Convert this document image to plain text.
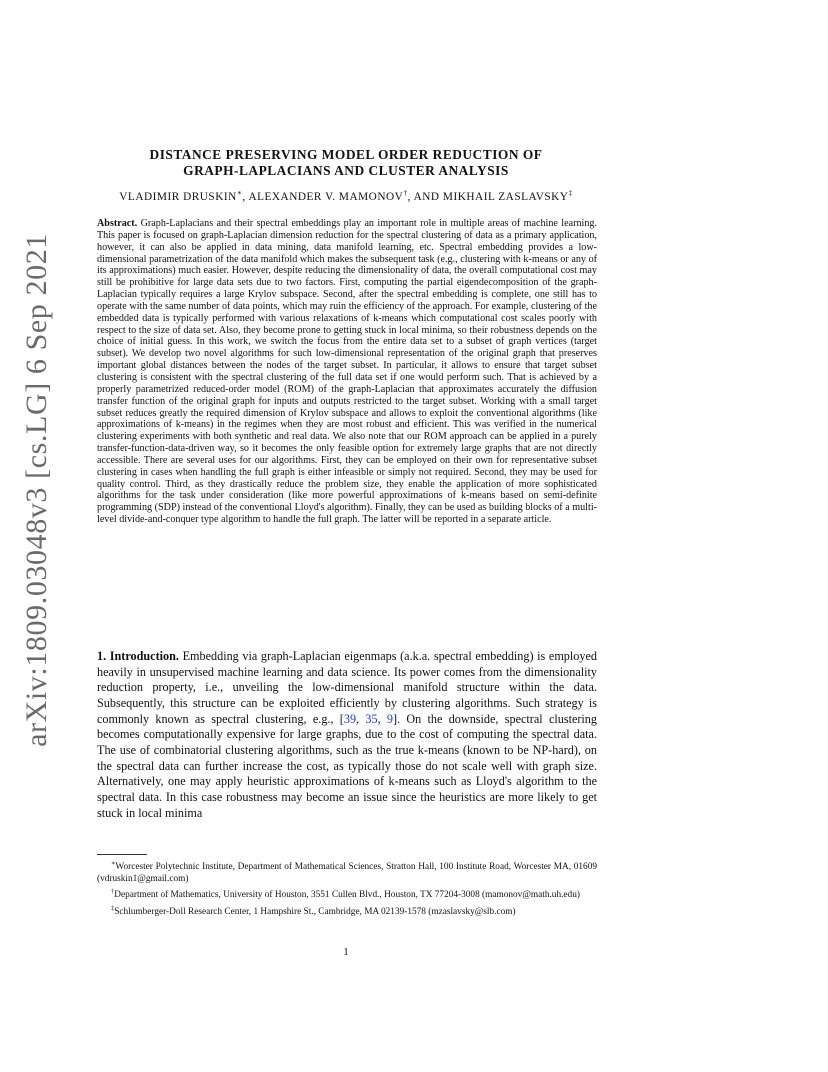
arXiv:1809.03048v3 [cs.LG] 6 Sep 2021
DISTANCE PRESERVING MODEL ORDER REDUCTION OF
GRAPH-LAPLACIANS AND CLUSTER ANALYSIS
VLADIMIR DRUSKIN∗, ALEXANDER V. MAMONOV†, AND MIKHAIL ZASLAVSKY‡

Abstract. Graph-Laplacians and their spectral embeddings play an important role in multiple areas of machine learning. This paper is focused on graph-Laplacian dimension reduction for the spectral clustering of data as a primary application, however, it can also be applied in data mining, data manifold learning, etc. Spectral embedding provides a low-dimensional parametrization of the data manifold which makes the subsequent task (e.g., clustering with k-means or any of its approximations) much easier. However, despite reducing the dimensionality of data, the overall computational cost may still be prohibitive for large data sets due to two factors. First, computing the partial eigendecomposition of the graph-Laplacian typically requires a large Krylov subspace. Second, after the spectral embedding is complete, one still has to operate with the same number of data points, which may ruin the efficiency of the approach. For example, clustering of the embedded data is typically performed with various relaxations of k-means which computational cost scales poorly with respect to the size of data set. Also, they become prone to getting stuck in local minima, so their robustness depends on the choice of initial guess. In this work, we switch the focus from the entire data set to a subset of graph vertices (target subset). We develop two novel algorithms for such low-dimensional representation of the original graph that preserves important global distances between the nodes of the target subset. In particular, it allows to ensure that target subset clustering is consistent with the spectral clustering of the full data set if one would perform such. That is achieved by a properly parametrized reduced-order model (ROM) of the graph-Laplacian that approximates accurately the diffusion transfer function of the original graph for inputs and outputs restricted to the target subset. Working with a small target subset reduces greatly the required dimension of Krylov subspace and allows to exploit the conventional algorithms (like approximations of k-means) in the regimes when they are most robust and efficient. This was verified in the numerical clustering experiments with both synthetic and real data. We also note that our ROM approach can be applied in a purely transfer-function-data-driven way, so it becomes the only feasible option for extremely large graphs that are not directly accessible. There are several uses for our algorithms. First, they can be employed on their own for representative subset clustering in cases when handling the full graph is either infeasible or simply not required. Second, they may be used for quality control. Third, as they drastically reduce the problem size, they enable the application of more sophisticated algorithms for the task under consideration (like more powerful approximations of k-means based on semi-definite programming (SDP) instead of the conventional Lloyd's algorithm). Finally, they can be used as building blocks of a multi-level divide-and-conquer type algorithm to handle the full graph. The latter will be reported in a separate article.

1. Introduction. Embedding via graph-Laplacian eigenmaps (a.k.a. spectral embedding) is employed heavily in unsupervised machine learning and data science. Its power comes from the dimensionality reduction property, i.e., unveiling the low-dimensional manifold structure within the data. Subsequently, this structure can be exploited efficiently by clustering algorithms. Such strategy is commonly known as spectral clustering, e.g., [39, 35, 9]. On the downside, spectral clustering becomes computationally expensive for large graphs, due to the cost of computing the spectral data. The use of combinatorial clustering algorithms, such as the true k-means (known to be NP-hard), on the spectral data can further increase the cost, as typically those do not scale well with graph size. Alternatively, one may apply heuristic approximations of k-means such as Lloyd's algorithm to the spectral data. In this case robustness may become an issue since the heuristics are more likely to get stuck in local minima

∗Worcester Polytechnic Institute, Department of Mathematical Sciences, Stratton Hall, 100 Institute Road, Worcester MA, 01609 (vdruskin1@gmail.com)

†Department of Mathematics, University of Houston, 3551 Cullen Blvd., Houston, TX 77204-3008 (mamonov@math.uh.edu)

‡Schlumberger-Doll Research Center, 1 Hampshire St., Cambridge, MA 02139-1578 (mzaslavsky@slb.com)

1
